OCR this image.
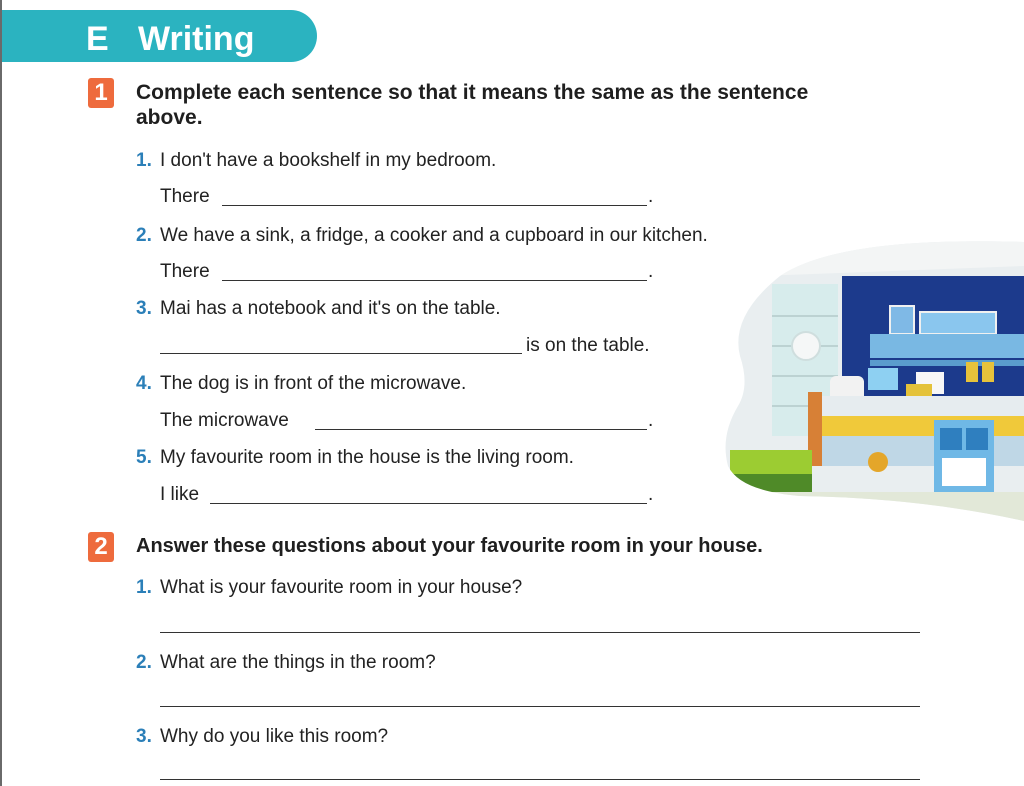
E Writing
1	Complete each sentence so that it means the same as the sentence
above.
1. I don't have a bookshelf in my bedroom.
There	.
2. We have a sink, a fridge, a cooker and a cupboard in our kitchen.
There	.
3. Mai has a notebook and it's on the table.
is on the table.
4. The dog is in front of the microwave.
The microwave	.
5. My favourite room in the house is the living room.
I like	.
2	Answer these questions about your favourite room in your house.
1. What is your favourite room in your house?
2. What are the things in the room?
3. Why do you like this room?
